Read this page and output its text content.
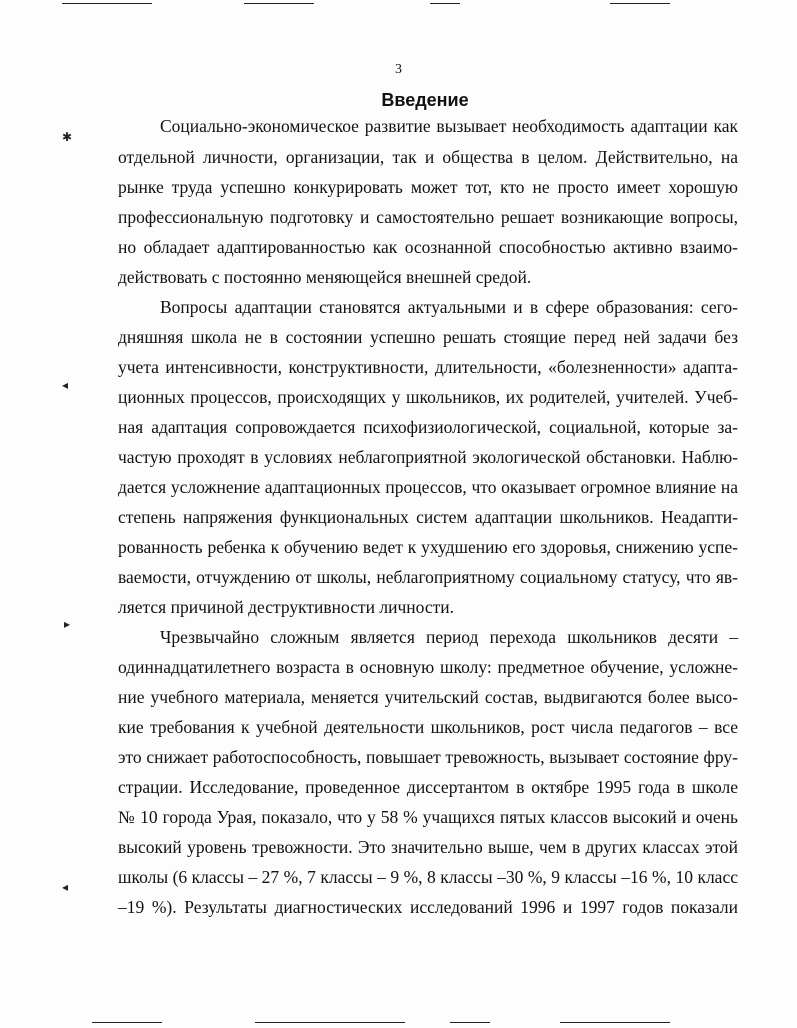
✱
◂
▸
◂
3
Введение
Социально-экономическое развитие вызывает необходимость адаптации как
отдельной личности, организации, так и общества в целом. Действительно, на
рынке труда успешно конкурировать может тот, кто не просто имеет хорошую
профессиональную подготовку и самостоятельно решает возникающие вопросы,
но обладает адаптированностью как осознанной способностью активно взаимо-
действовать с постоянно меняющейся внешней средой.
Вопросы адаптации становятся актуальными и в сфере образования: сего-
дняшняя школа не в состоянии успешно решать стоящие перед ней задачи без
учета интенсивности, конструктивности, длительности, «болезненности» адапта-
ционных процессов, происходящих у школьников, их родителей, учителей. Учеб-
ная адаптация сопровождается психофизиологической, социальной, которые за-
частую проходят в условиях неблагоприятной экологической обстановки. Наблю-
дается усложнение адаптационных процессов, что оказывает огромное влияние на
степень напряжения функциональных систем адаптации школьников. Неадапти-
рованность ребенка к обучению ведет к ухудшению его здоровья, снижению успе-
ваемости, отчуждению от школы, неблагоприятному социальному статусу, что яв-
ляется причиной деструктивности личности.
Чрезвычайно сложным является период перехода школьников десяти –
одиннадцатилетнего возраста в основную школу: предметное обучение, усложне-
ние учебного материала, меняется учительский состав, выдвигаются более высо-
кие требования к учебной деятельности школьников, рост числа педагогов – все
это снижает работоспособность, повышает тревожность, вызывает состояние фру-
страции. Исследование, проведенное диссертантом в октябре 1995 года в школе
№ 10 города Урая, показало, что у 58 % учащихся пятых классов высокий и очень
высокий уровень тревожности. Это значительно выше, чем в других классах этой
школы (6 классы – 27 %, 7 классы – 9 %, 8 классы –30 %, 9 классы –16 %, 10 класс
–19 %). Результаты диагностических исследований 1996 и 1997 годов показали
